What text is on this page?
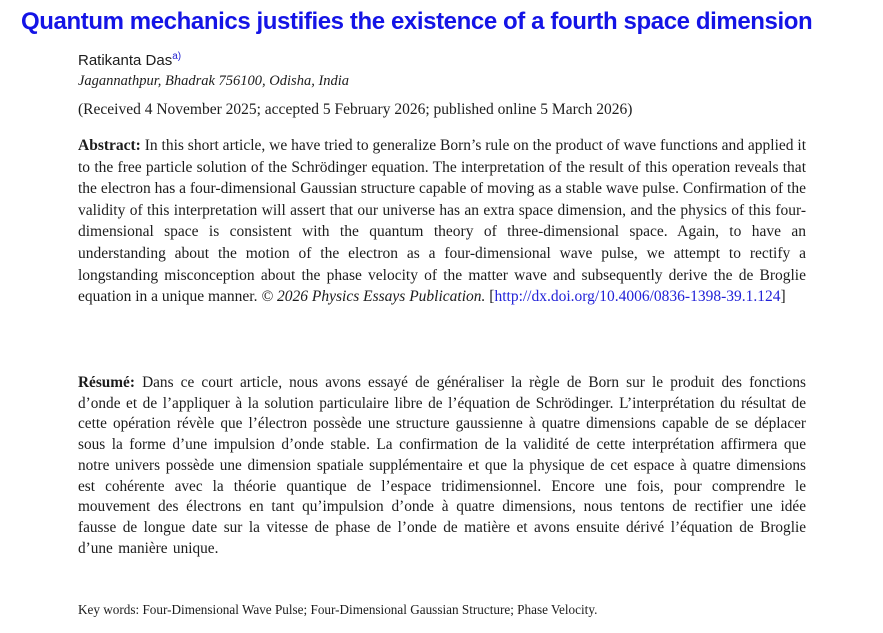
Quantum mechanics justifies the existence of a fourth space dimension
Ratikanta Das$^{a)}$
Jagannathpur, Bhadrak 756100, Odisha, India
(Received 4 November 2025; accepted 5 February 2026; published online 5 March 2026)

Abstract: In this short article, we have tried to generalize Born’s rule on the product of wave functions and applied it to the free particle solution of the Schrödinger equation. The interpretation of the result of this operation reveals that the electron has a four-dimensional Gaussian structure capable of moving as a stable wave pulse. Confirmation of the validity of this interpretation will assert that our universe has an extra space dimension, and the physics of this four-dimensional space is consistent with the quantum theory of three-dimensional space. Again, to have an understanding about the motion of the electron as a four-dimensional wave pulse, we attempt to rectify a longstanding misconception about the phase velocity of the matter wave and subsequently derive the de Broglie equation in a unique manner. © 2026 Physics Essays Publication. [http://dx.doi.org/10.4006/0836-1398-39.1.124]

Résumé: Dans ce court article, nous avons essayé de généraliser la règle de Born sur le produit des fonctions d’onde et de l’appliquer à la solution particulaire libre de l’équation de Schrödinger. L’interprétation du résultat de cette opération révèle que l’électron possède une structure gaussienne à quatre dimensions capable de se déplacer sous la forme d’une impulsion d’onde stable. La confirmation de la validité de cette interprétation affirmera que notre univers possède une dimension spatiale supplémentaire et que la physique de cet espace à quatre dimensions est cohérente avec la théorie quantique de l’espace tridimensionnel. Encore une fois, pour comprendre le mouvement des électrons en tant qu’impulsion d’onde à quatre dimensions, nous tentons de rectifier une idée fausse de longue date sur la vitesse de phase de l’onde de matière et avons ensuite dérivé l’équation de Broglie d’une manière unique.

Key words: Four-Dimensional Wave Pulse; Four-Dimensional Gaussian Structure; Phase Velocity.
